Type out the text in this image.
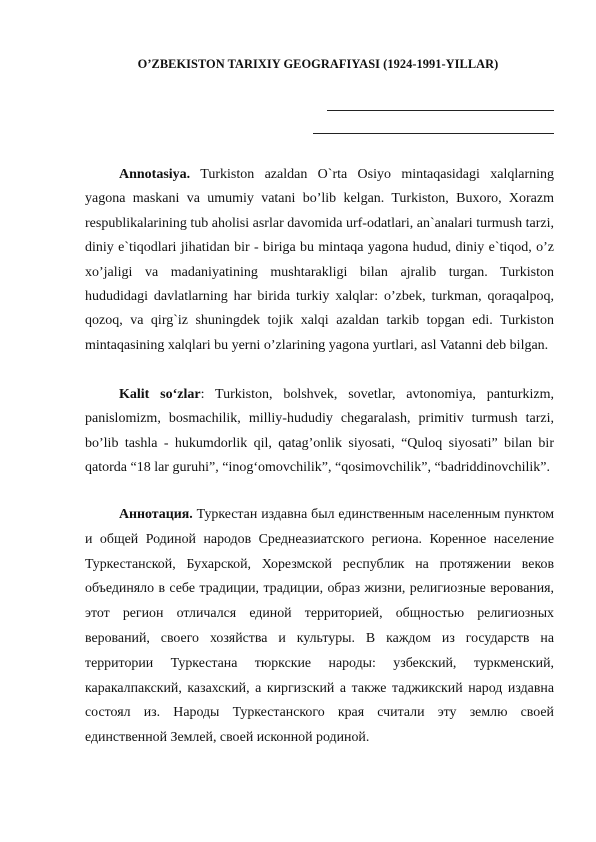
O’ZBEKISTON TARIXIY GEOGRAFIYASI (1924-1991-YILLAR)

Annotasiya. Turkiston azaldan O`rta Osiyo mintaqasidagi xalqlarning yagona maskani va umumiy vatani bo’lib kelgan. Turkiston, Buxoro, Xorazm respublikalarining tub aholisi asrlar davomida urf-odatlari, an`analari turmush tarzi, diniy e`tiqodlari jihatidan bir - biriga bu mintaqa yagona hudud, diniy e`tiqod, o’z xo’jaligi va madaniyatining mushtarakligi bilan ajralib turgan. Turkiston hududidagi davlatlarning har birida turkiy xalqlar: o’zbek, turkman, qoraqalpoq, qozoq, va qirg`iz shuningdek tojik xalqi azaldan tarkib topgan edi. Turkiston mintaqasining xalqlari bu yerni o’zlarining yagona yurtlari, asl Vatanni deb bilgan.

Kalit so‘zlar: Turkiston, bolshvek, sovetlar, avtonomiya, panturkizm, panislomizm, bosmachilik, milliy-hududiy chegaralash, primitiv turmush tarzi, bo’lib tashla - hukumdorlik qil, qatag’onlik siyosati, “Quloq siyosati” bilan bir qatorda “18 lar guruhi”, “inog‘omovchilik”, “qosimovchilik”, “badriddinovchilik”.

Аннотация. Туркестан издавна был единственным населенным пунктом и общей Родиной народов Среднеазиатского региона. Коренное население Туркестанской, Бухарской, Хорезмской республик на протяжении веков объединяло в себе традиции, традиции, образ жизни, религиозные верования, этот регион отличался единой территорией, общностью религиозных верований, своего хозяйства и культуры. В каждом из государств на территории Туркестана тюркские народы: узбекский, туркменский, каракалпакский, казахский, а киргизский а также таджикский народ издавна состоял из. Народы Туркестанского края считали эту землю своей единственной Землей, своей исконной родиной.
